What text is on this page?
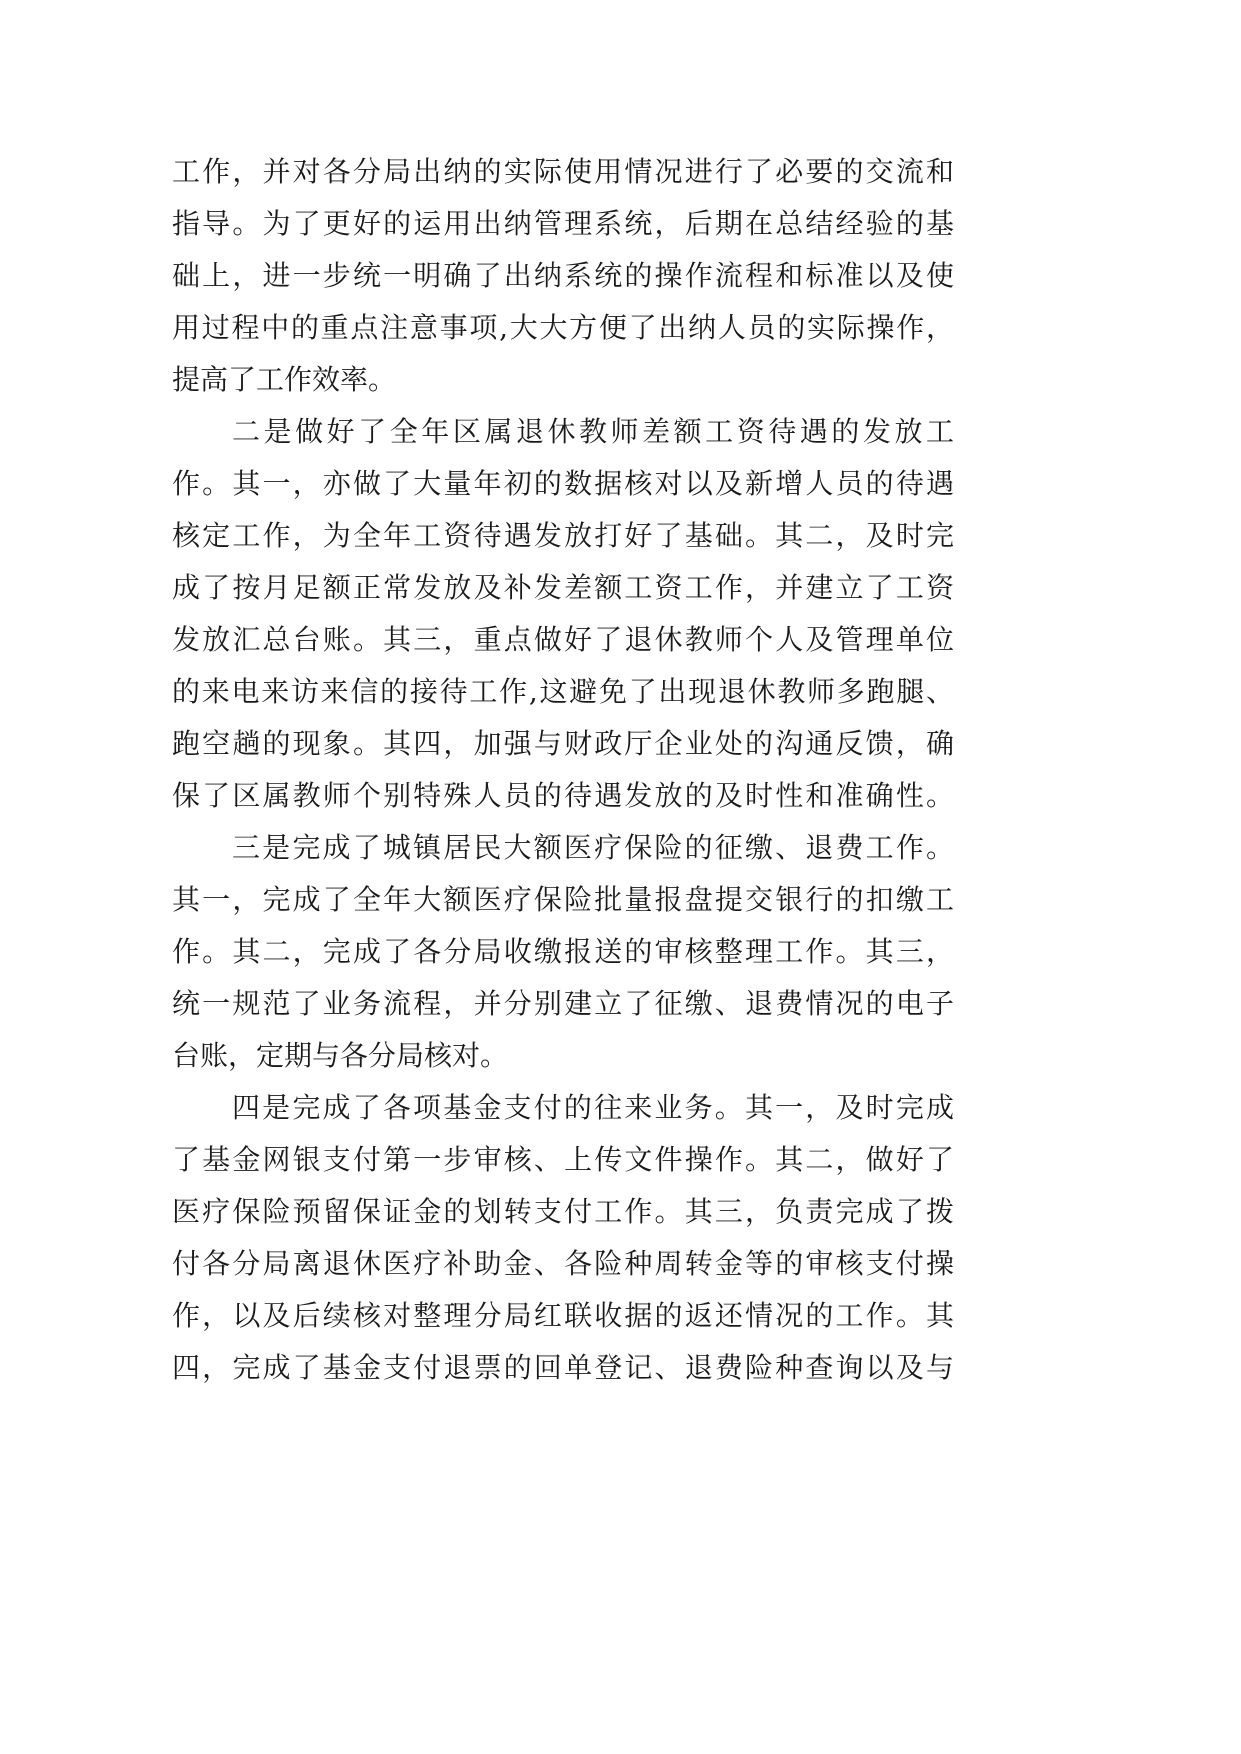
工作，并对各分局出纳的实际使用情况进行了必要的交流和
指导。为了更好的运用出纳管理系统，后期在总结经验的基
础上，进一步统一明确了出纳系统的操作流程和标准以及使
用过程中的重点注意事项,大大方便了出纳人员的实际操作，
提高了工作效率。
二是做好了全年区属退休教师差额工资待遇的发放工
作。其一，亦做了大量年初的数据核对以及新增人员的待遇
核定工作，为全年工资待遇发放打好了基础。其二，及时完
成了按月足额正常发放及补发差额工资工作，并建立了工资
发放汇总台账。其三，重点做好了退休教师个人及管理单位
的来电来访来信的接待工作,这避免了出现退休教师多跑腿、
跑空趟的现象。其四，加强与财政厅企业处的沟通反馈，确
保了区属教师个别特殊人员的待遇发放的及时性和准确性。
三是完成了城镇居民大额医疗保险的征缴、退费工作。
其一，完成了全年大额医疗保险批量报盘提交银行的扣缴工
作。其二，完成了各分局收缴报送的审核整理工作。其三，
统一规范了业务流程，并分别建立了征缴、退费情况的电子
台账，定期与各分局核对。
四是完成了各项基金支付的往来业务。其一，及时完成
了基金网银支付第一步审核、上传文件操作。其二，做好了
医疗保险预留保证金的划转支付工作。其三，负责完成了拨
付各分局离退休医疗补助金、各险种周转金等的审核支付操
作，以及后续核对整理分局红联收据的返还情况的工作。其
四，完成了基金支付退票的回单登记、退费险种查询以及与
